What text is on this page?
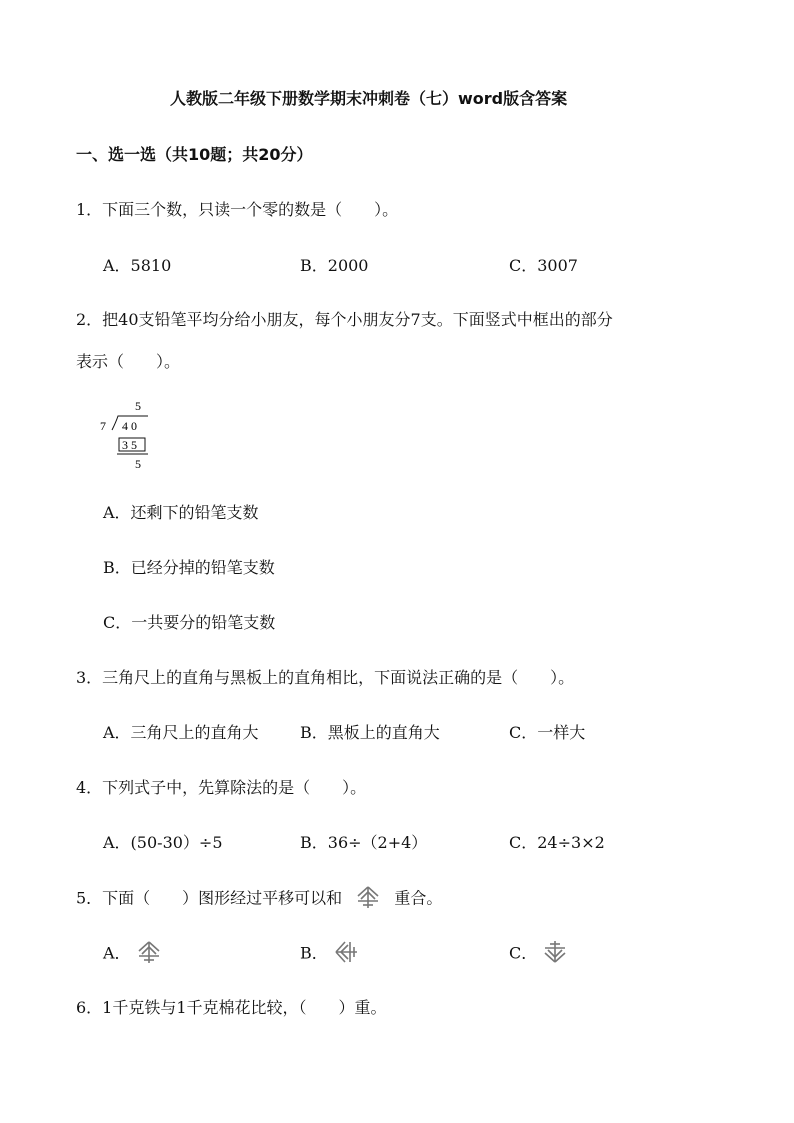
人教版二年级下册数学期末冲刺卷（七）word版含答案
一、选一选（共10题；共20分）
1．下面三个数，只读一个零的数是（　　）。
A．5810	B．2000	C．3007
2．把40支铅笔平均分给小朋友，每个小朋友分7支。下面竖式中框出的部分
表示（　　）。
5
7 40
35
5
A．还剩下的铅笔支数
B．已经分掉的铅笔支数
C．一共要分的铅笔支数
3．三角尺上的直角与黑板上的直角相比，下面说法正确的是（　　）。
A．三角尺上的直角大	B．黑板上的直角大	C．一样大
4．下列式子中，先算除法的是（　　）。
A．(50-30）÷5	B．36÷（2+4）	C．24÷3×2
5．下面（　　）图形经过平移可以和	重合。
A．	B．	C．
6．1千克铁与1千克棉花比较，（　　）重。
